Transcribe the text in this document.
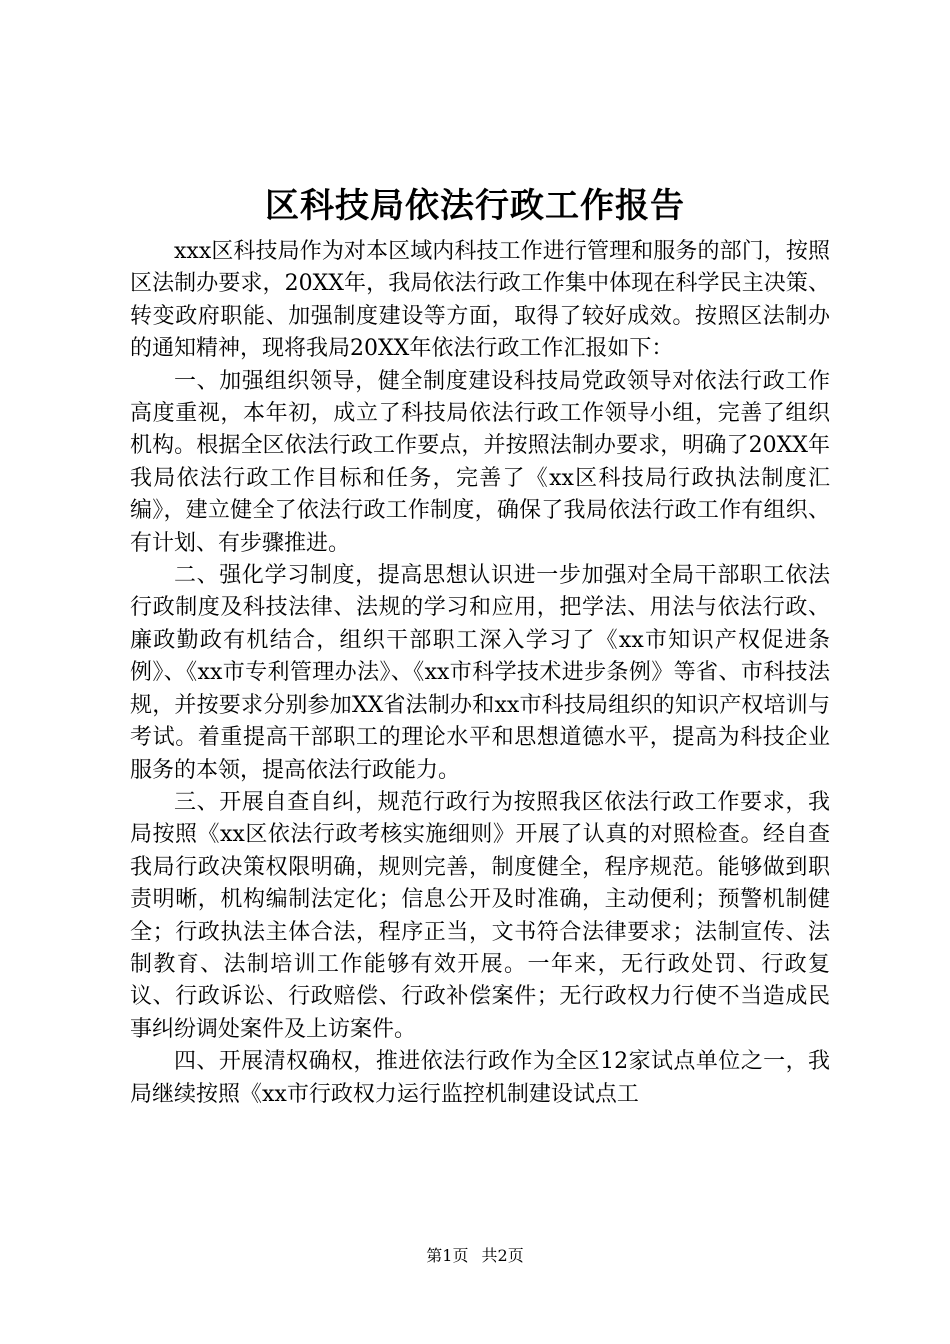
区科技局依法行政工作报告

xxx区科技局作为对本区域内科技工作进行管理和服务的部门，按照区法制办要求，20XX年，我局依法行政工作集中体现在科学民主决策、转变政府职能、加强制度建设等方面，取得了较好成效。按照区法制办的通知精神，现将我局20XX年依法行政工作汇报如下：

一、加强组织领导，健全制度建设科技局党政领导对依法行政工作高度重视，本年初，成立了科技局依法行政工作领导小组，完善了组织机构。根据全区依法行政工作要点，并按照法制办要求，明确了20XX年我局依法行政工作目标和任务，完善了《xx区科技局行政执法制度汇编》，建立健全了依法行政工作制度，确保了我局依法行政工作有组织、有计划、有步骤推进。

二、强化学习制度，提高思想认识进一步加强对全局干部职工依法行政制度及科技法律、法规的学习和应用，把学法、用法与依法行政、廉政勤政有机结合，组织干部职工深入学习了《xx市知识产权促进条例》、《xx市专利管理办法》、《xx市科学技术进步条例》等省、市科技法规，并按要求分别参加XX省法制办和xx市科技局组织的知识产权培训与考试。着重提高干部职工的理论水平和思想道德水平，提高为科技企业服务的本领，提高依法行政能力。

三、开展自查自纠，规范行政行为按照我区依法行政工作要求，我局按照《xx区依法行政考核实施细则》开展了认真的对照检查。经自查我局行政决策权限明确，规则完善，制度健全，程序规范。能够做到职责明晰，机构编制法定化；信息公开及时准确，主动便利；预警机制健全；行政执法主体合法，程序正当，文书符合法律要求；法制宣传、法制教育、法制培训工作能够有效开展。一年来，无行政处罚、行政复议、行政诉讼、行政赔偿、行政补偿案件；无行政权力行使不当造成民事纠纷调处案件及上访案件。

四、开展清权确权，推进依法行政作为全区12家试点单位之一，我局继续按照《xx市行政权力运行监控机制建设试点工

第1页 共2页
